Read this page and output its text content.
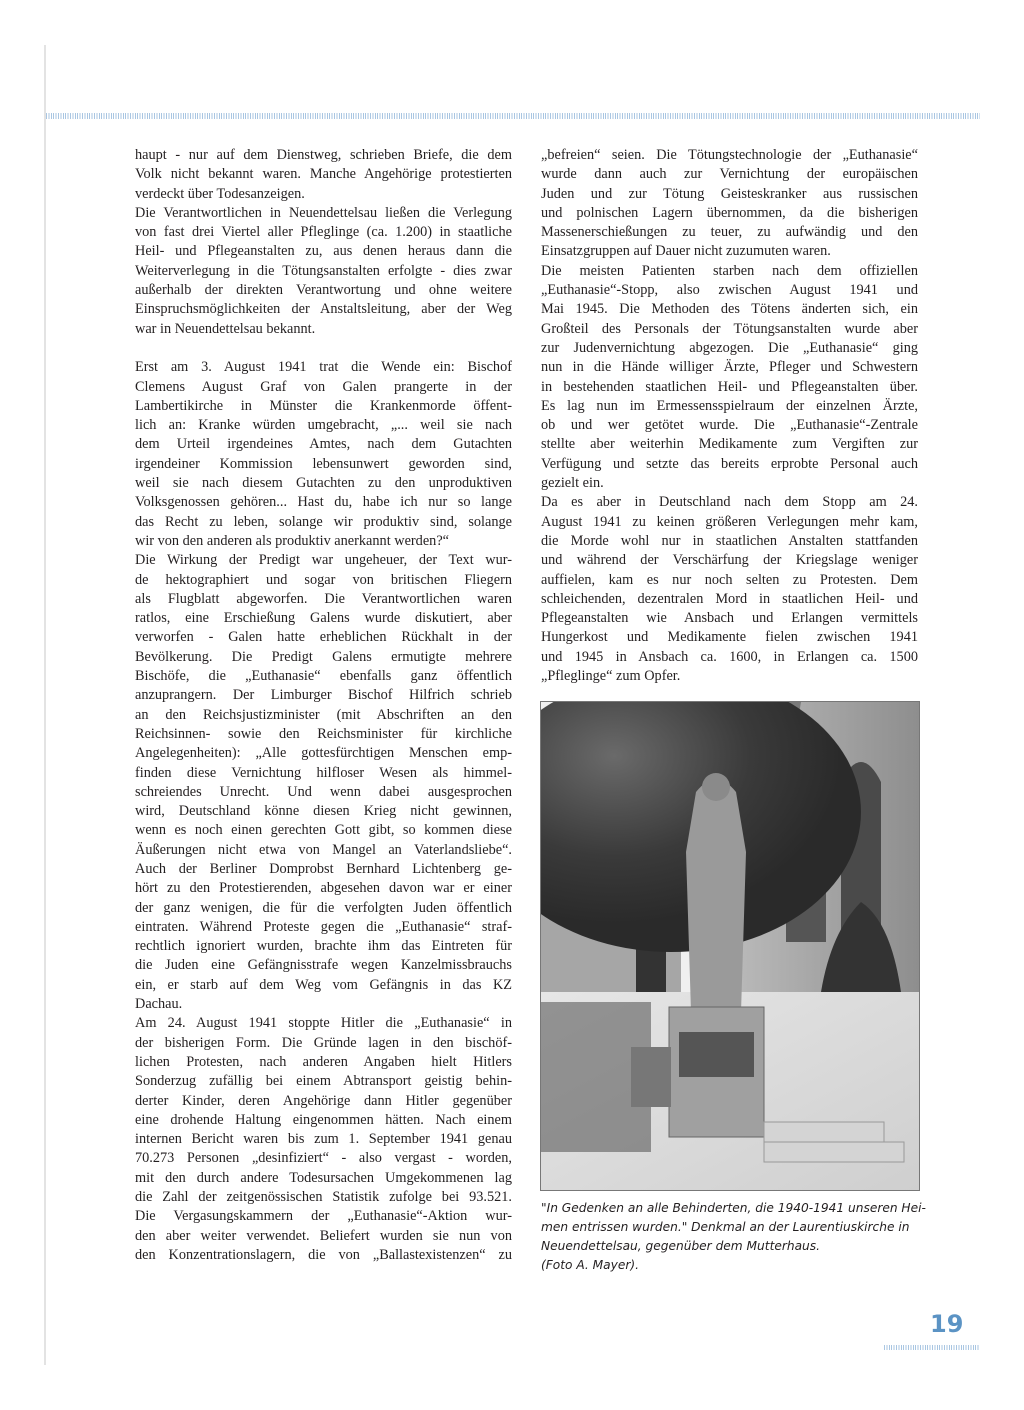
haupt - nur auf dem Dienstweg, schrieben Briefe, die dem
Volk nicht bekannt waren. Manche Angehörige protestierten
verdeckt über Todesanzeigen.
Die Verantwortlichen in Neuendettelsau ließen die Verlegung
von fast drei Viertel aller Pfleglinge (ca. 1.200) in staatliche
Heil- und Pflegeanstalten zu, aus denen heraus dann die
Weiterverlegung in die Tötungsanstalten erfolgte - dies zwar
außerhalb der direkten Verantwortung und ohne weitere
Einspruchsmöglichkeiten der Anstaltsleitung, aber der Weg
war in Neuendettelsau bekannt.
Erst am 3. August 1941 trat die Wende ein: Bischof
Clemens August Graf von Galen prangerte in der
Lambertikirche in Münster die Krankenmorde öffent-
lich an: Kranke würden umgebracht, „... weil sie nach
dem Urteil irgendeines Amtes, nach dem Gutachten
irgendeiner Kommission lebensunwert geworden sind,
weil sie nach diesem Gutachten zu den unproduktiven
Volksgenossen gehören... Hast du, habe ich nur so lange
das Recht zu leben, solange wir produktiv sind, solange
wir von den anderen als produktiv anerkannt werden?“
Die Wirkung der Predigt war ungeheuer, der Text wur-
de hektographiert und sogar von britischen Fliegern
als Flugblatt abgeworfen. Die Verantwortlichen waren
ratlos, eine Erschießung Galens wurde diskutiert, aber
verworfen - Galen hatte erheblichen Rückhalt in der
Bevölkerung. Die Predigt Galens ermutigte mehrere
Bischöfe, die „Euthanasie“ ebenfalls ganz öffentlich
anzuprangern. Der Limburger Bischof Hilfrich schrieb
an den Reichsjustizminister (mit Abschriften an den
Reichsinnen- sowie den Reichsminister für kirchliche
Angelegenheiten): „Alle gottesfürchtigen Menschen emp-
finden diese Vernichtung hilfloser Wesen als himmel-
schreiendes Unrecht. Und wenn dabei ausgesprochen
wird, Deutschland könne diesen Krieg nicht gewinnen,
wenn es noch einen gerechten Gott gibt, so kommen diese
Äußerungen nicht etwa von Mangel an Vaterlandsliebe“.
Auch der Berliner Domprobst Bernhard Lichtenberg ge-
hört zu den Protestierenden, abgesehen davon war er einer
der ganz wenigen, die für die verfolgten Juden öffentlich
eintraten. Während Proteste gegen die „Euthanasie“ straf-
rechtlich ignoriert wurden, brachte ihm das Eintreten für
die Juden eine Gefängnisstrafe wegen Kanzelmissbrauchs
ein, er starb auf dem Weg vom Gefängnis in das KZ
Dachau.
Am 24. August 1941 stoppte Hitler die „Euthanasie“ in
der bisherigen Form. Die Gründe lagen in den bischöf-
lichen Protesten, nach anderen Angaben hielt Hitlers
Sonderzug zufällig bei einem Abtransport geistig behin-
derter Kinder, deren Angehörige dann Hitler gegenüber
eine drohende Haltung eingenommen hätten. Nach einem
internen Bericht waren bis zum 1. September 1941 genau
70.273 Personen „desinfiziert“ - also vergast - worden,
mit den durch andere Todesursachen Umgekommenen lag
die Zahl der zeitgenössischen Statistik zufolge bei 93.521.
Die Vergasungskammern der „Euthanasie“-Aktion wur-
den aber weiter verwendet. Beliefert wurden sie nun von
den Konzentrationslagern, die von „Ballastexistenzen“ zu
„befreien“ seien. Die Tötungstechnologie der „Euthanasie“
wurde dann auch zur Vernichtung der europäischen
Juden und zur Tötung Geisteskranker aus russischen
und polnischen Lagern übernommen, da die bisherigen
Massenerschießungen zu teuer, zu aufwändig und den
Einsatzgruppen auf Dauer nicht zuzumuten waren.
Die meisten Patienten starben nach dem offiziellen
„Euthanasie“-Stopp, also zwischen August 1941 und
Mai 1945. Die Methoden des Tötens änderten sich, ein
Großteil des Personals der Tötungsanstalten wurde aber
zur Judenvernichtung abgezogen. Die „Euthanasie“ ging
nun in die Hände williger Ärzte, Pfleger und Schwestern
in bestehenden staatlichen Heil- und Pflegeanstalten über.
Es lag nun im Ermessensspielraum der einzelnen Ärzte,
ob und wer getötet wurde. Die „Euthanasie“-Zentrale
stellte aber weiterhin Medikamente zum Vergiften zur
Verfügung und setzte das bereits erprobte Personal auch
gezielt ein.
Da es aber in Deutschland nach dem Stopp am 24.
August 1941 zu keinen größeren Verlegungen mehr kam,
die Morde wohl nur in staatlichen Anstalten stattfanden
und während der Verschärfung der Kriegslage weniger
auffielen, kam es nur noch selten zu Protesten. Dem
schleichenden, dezentralen Mord in staatlichen Heil- und
Pflegeanstalten wie Ansbach und Erlangen vermittels
Hungerkost und Medikamente fielen zwischen 1941
und 1945 in Ansbach ca. 1600, in Erlangen ca. 1500
„Pfleglinge“ zum Opfer.
"In Gedenken an alle Behinderten, die 1940-1941 unseren Hei-
men entrissen wurden." Denkmal an der Laurentiuskirche in
Neuendettelsau, gegenüber dem Mutterhaus.
(Foto A. Mayer).
19
